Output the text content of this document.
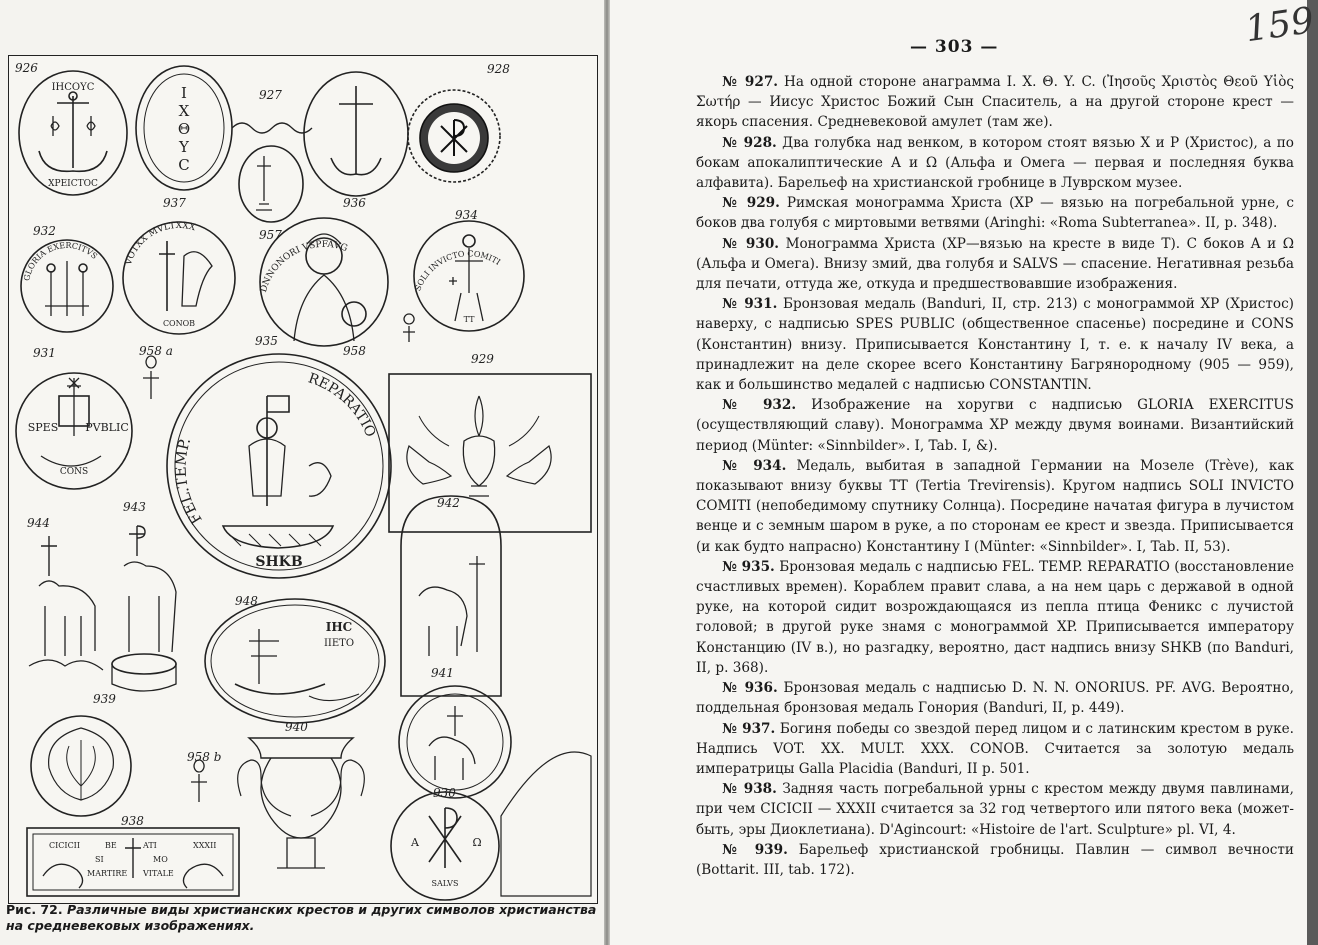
ΙΗϹΟΥϹ
ΧΡΕΙϹΤΟϹ
Ι
Χ
Θ
Υ
Ϲ
GLORIA EXERCITVS
VOTXX MVLTXXX
CONOB
DNNONORI VSPFAVG
SOLI INVICTO COMITI
TT
SPES PVBLIC
CONS
FEL.TEMP.
REPARATIO
SHKB
IHC
IIETO
A	Ω
SALVS
CICICII	XXXII
BE	ATI
SI	MO
MARTIRE VITALE
926
927
928
932
937
957
936
934
931	958 а
935
958
929
943
944
942
948
939
941
940
958 b
930
938
Рис. 72. Различные виды христианских крестов и других символов христианства на средневековых изображениях.
— 303 —	159

№ 927. На одной стороне анаграмма I. X. Θ. Y. C. (Ἰησοῦς Χριστὸς Θεοῦ Υἱὸς Σωτήρ — Иисус Христос Божий Сын Спаситель, а на другой стороне крест — якорь спасения. Средневековой амулет (там же).

№ 928. Два голубка над венком, в котором стоят вязью X и P (Христос), а по бокам апокалиптические А и Ω (Альфа и Омега — первая и последняя буква алфавита). Барельеф на христианской гробнице в Луврском музее.

№ 929. Римская монограмма Христа (XP — вязью на погребальной урне, с боков два голубя с миртовыми ветвями (Aringhi: «Roma Subterranea». II, p. 348).

№ 930. Монограмма Христа (XP—вязью на кресте в виде T). С боков A и Ω (Альфа и Омега). Внизу змий, два голубя и SALVS — спасение. Негативная резьба для печати, оттуда же, откуда и предшествовавшие изображения.

№ 931. Бронзовая медаль (Banduri, II, стр. 213) с монограммой XP (Христос) наверху, с надписью SPES PUBLIC (общественное спасенье) посредине и CONS (Константин) внизу. Приписывается Константину I, т. е. к началу IV века, а принадлежит на деле скорее всего Константину Багрянородному (905 — 959), как и большинство медалей с надписью CONSTANTIN.

№ 932. Изображение на хоругви с надписью GLORIA EXERCITUS (осуществляющий славу). Монограмма XP между двумя воинами. Византийский период (Münter: «Sinnbilder». I, Tab. I, &).

№ 934. Медаль, выбитая в западной Германии на Мозеле (Trève), как показывают внизу буквы TT (Tertia Trevirensis). Кругом надпись SOLI INVICTO COMITI (непобедимому спутнику Солнца). Посредине начатая фигура в лучистом венце и с земным шаром в руке, а по сторонам ее крест и звезда. Приписывается (и как будто напрасно) Константину I (Münter: «Sinnbilder». I, Tab. II, 53).

№ 935. Бронзовая медаль с надписью FEL. TEMP. REPARATIO (восстановление счастливых времен). Кораблем правит слава, а на нем царь с державой в одной руке, на которой сидит возрождающаяся из пепла птица Феникс с лучистой головой; в другой руке знамя с монограммой XP. Приписывается императору Констанцию (IV в.), но разгадку, вероятно, даст надпись внизу SHKB (по Banduri, II, p. 368).

№ 936. Бронзовая медаль с надписью D. N. N. ONORIUS. PF. AVG. Вероятно, поддельная бронзовая медаль Гонория (Banduri, II, p. 449).

№ 937. Богиня победы со звездой перед лицом и с латинским крестом в руке. Надпись VOT. XX. MULT. XXX. CONOB. Считается за золотую медаль императрицы Galla Placidia (Banduri, II p. 501.

№ 938. Задняя часть погребальной урны с крестом между двумя павлинами, при чем CICICII — XXXII считается за 32 год четвертого или пятого века (может-быть, эры Диоклетиана). D'Agincourt: «Histoire de l'art. Sculpture» pl. VI, 4.

№ 939. Барельеф христианской гробницы. Павлин — символ вечности (Bottarit. III, tab. 172).
